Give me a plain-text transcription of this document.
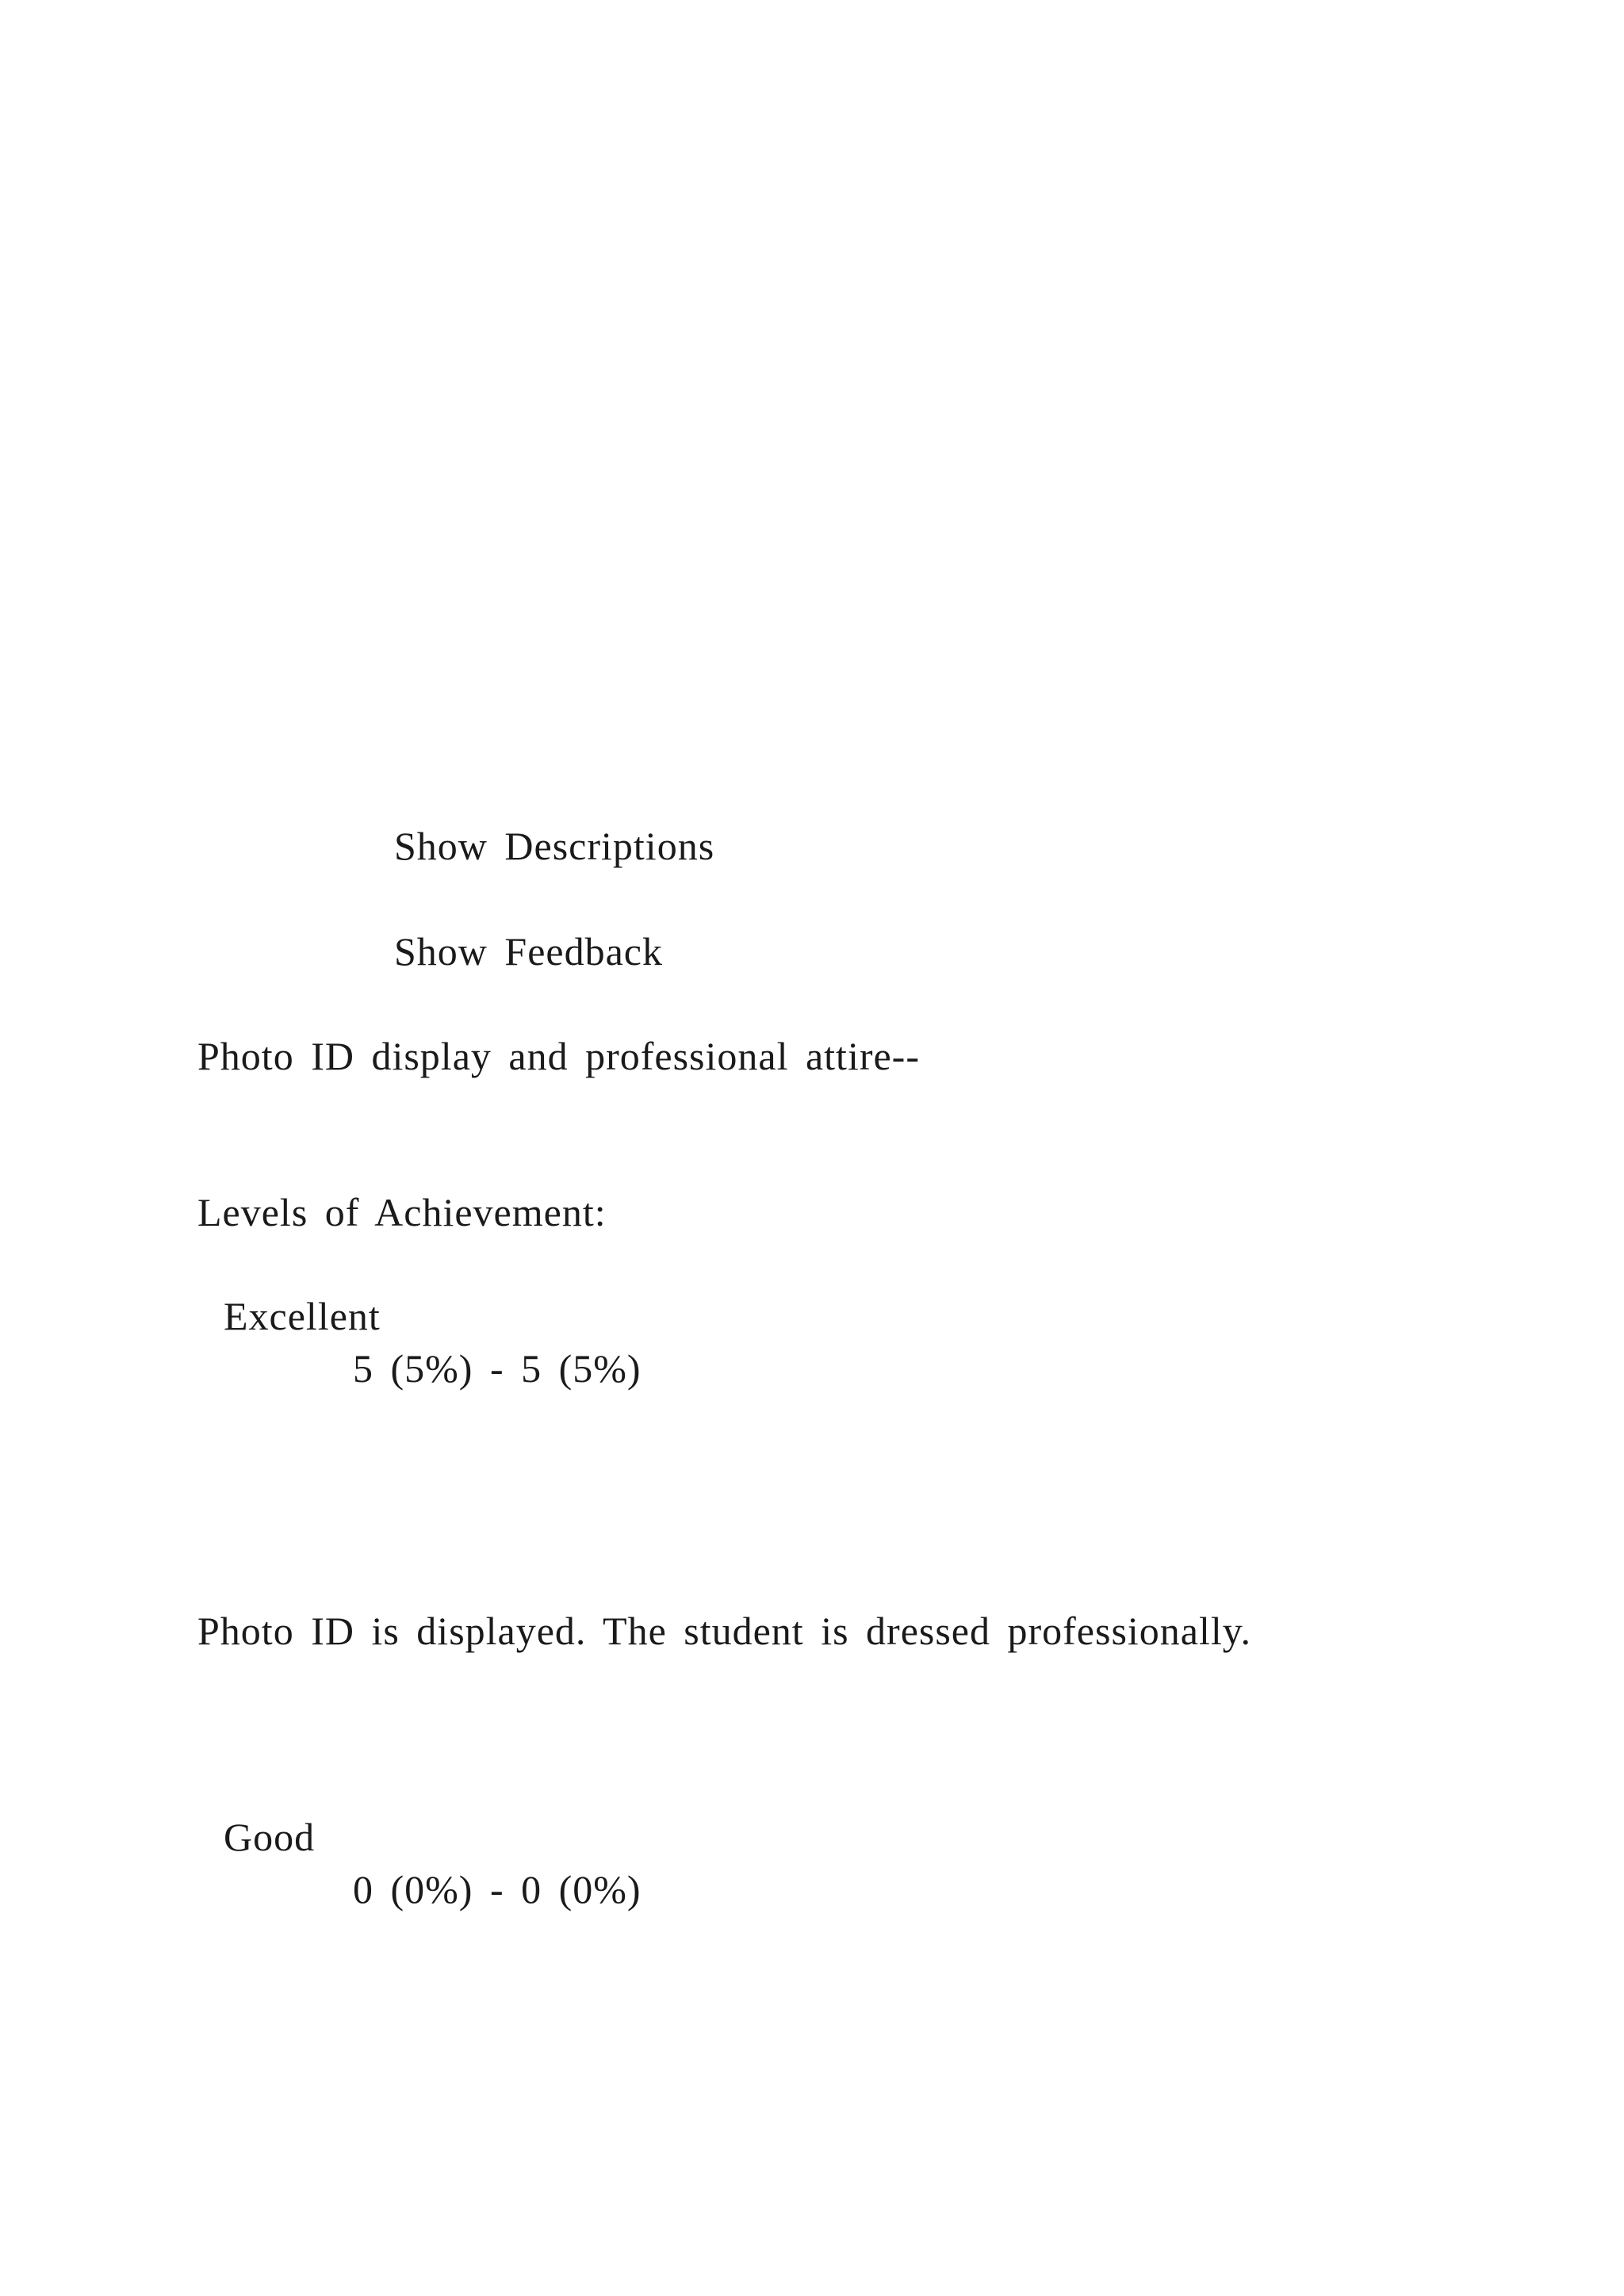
Show Descriptions
Show Feedback
Photo ID display and professional attire--
Levels of Achievement:
Excellent
5 (5%) - 5 (5%)
Photo ID is displayed. The student is dressed professionally.
Good
0 (0%) - 0 (0%)
